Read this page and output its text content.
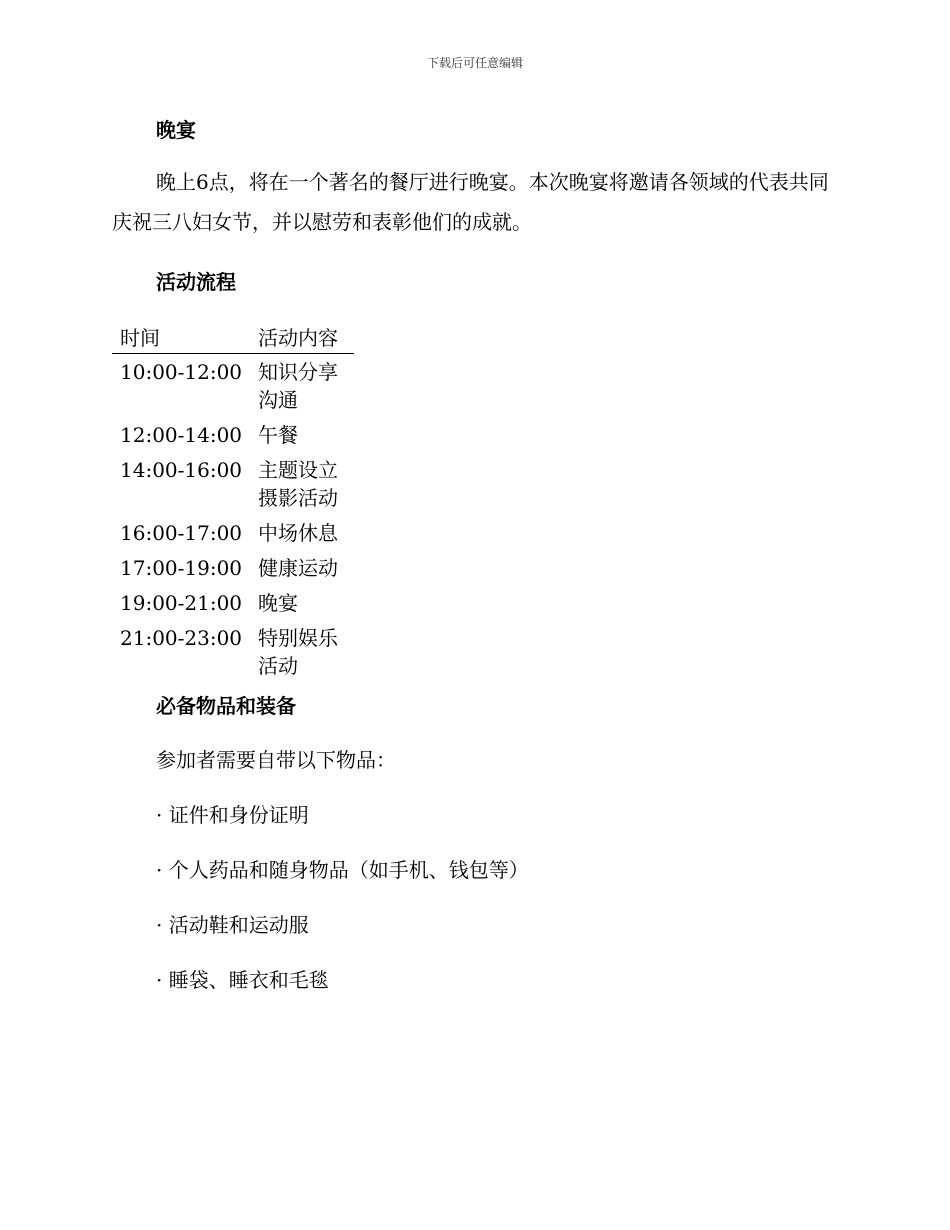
下载后可任意编辑
晚宴
晚上6点，将在一个著名的餐厅进行晚宴。本次晚宴将邀请各领域的代表共同庆祝三八妇女节，并以慰劳和表彰他们的成就。
活动流程
时间	活动内容
10:00-12:00	知识分享沟通
12:00-14:00	午餐
14:00-16:00	主题设立摄影活动
16:00-17:00	中场休息
17:00-19:00	健康运动
19:00-21:00	晚宴
21:00-23:00	特别娱乐活动
必备物品和装备
参加者需要自带以下物品：
· 证件和身份证明
· 个人药品和随身物品（如手机、钱包等）
· 活动鞋和运动服
· 睡袋、睡衣和毛毯
